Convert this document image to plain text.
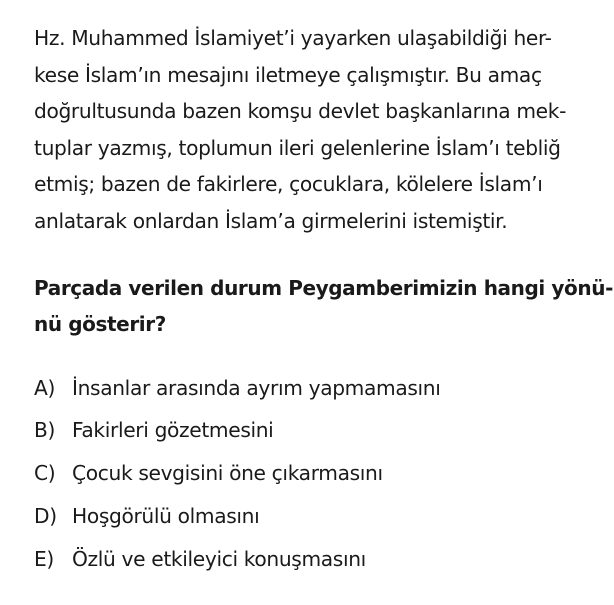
Hz. Muhammed İslamiyet’i yayarken ulaşabildiği her-
kese İslam’ın mesajını iletmeye çalışmıştır. Bu amaç
doğrultusunda bazen komşu devlet başkanlarına mek-
tuplar yazmış, toplumun ileri gelenlerine İslam’ı tebliğ
etmiş; bazen de fakirlere, çocuklara, kölelere İslam’ı
anlatarak onlardan İslam’a girmelerini istemiştir.

Parçada verilen durum Peygamberimizin hangi yönü-
nü gösterir?
A) İnsanlar arasında ayrım yapmamasını
B) Fakirleri gözetmesini
C) Çocuk sevgisini öne çıkarmasını
D) Hoşgörülü olmasını
E) Özlü ve etkileyici konuşmasını
